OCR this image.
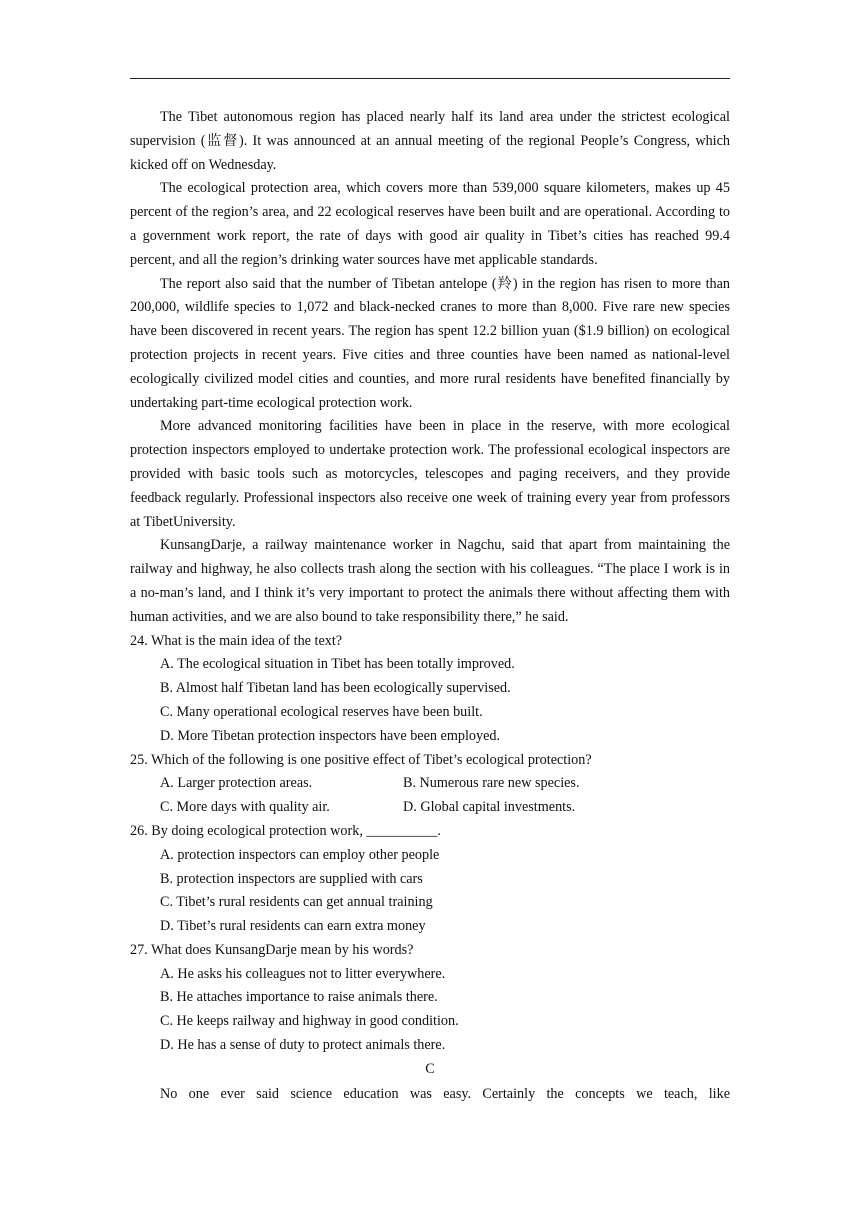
The Tibet autonomous region has placed nearly half its land area under the strictest ecological supervision (监督). It was announced at an annual meeting of the regional People’s Congress, which kicked off on Wednesday.

The ecological protection area, which covers more than 539,000 square kilometers, makes up 45 percent of the region’s area, and 22 ecological reserves have been built and are operational. According to a government work report, the rate of days with good air quality in Tibet’s cities has reached 99.4 percent, and all the region’s drinking water sources have met applicable standards.

The report also said that the number of Tibetan antelope (羚) in the region has risen to more than 200,000, wildlife species to 1,072 and black-necked cranes to more than 8,000. Five rare new species have been discovered in recent years. The region has spent 12.2 billion yuan ($1.9 billion) on ecological protection projects in recent years. Five cities and three counties have been named as national-level ecologically civilized model cities and counties, and more rural residents have benefited financially by undertaking part-time ecological protection work.

More advanced monitoring facilities have been in place in the reserve, with more ecological protection inspectors employed to undertake protection work. The professional ecological inspectors are provided with basic tools such as motorcycles, telescopes and paging receivers, and they provide feedback regularly. Professional inspectors also receive one week of training every year from professors at TibetUniversity.

KunsangDarje, a railway maintenance worker in Nagchu, said that apart from maintaining the railway and highway, he also collects trash along the section with his colleagues. “The place I work is in a no-man’s land, and I think it’s very important to protect the animals there without affecting them with human activities, and we are also bound to take responsibility there,” he said.

24. What is the main idea of the text?

A. The ecological situation in Tibet has been totally improved.

B. Almost half Tibetan land has been ecologically supervised.

C. Many operational ecological reserves have been built.

D. More Tibetan protection inspectors have been employed.

25. Which of the following is one positive effect of Tibet’s ecological protection?

A. Larger protection areas.	B. Numerous rare new species.
C. More days with quality air.	D. Global capital investments.

26. By doing ecological protection work, __________.

A. protection inspectors can employ other people

B. protection inspectors are supplied with cars

C. Tibet’s rural residents can get annual training

D. Tibet’s rural residents can earn extra money

27. What does KunsangDarje mean by his words?

A. He asks his colleagues not to litter everywhere.

B. He attaches importance to raise animals there.

C. He keeps railway and highway in good condition.

D. He has a sense of duty to protect animals there.

C

No one ever said science education was easy. Certainly the concepts we teach, like
